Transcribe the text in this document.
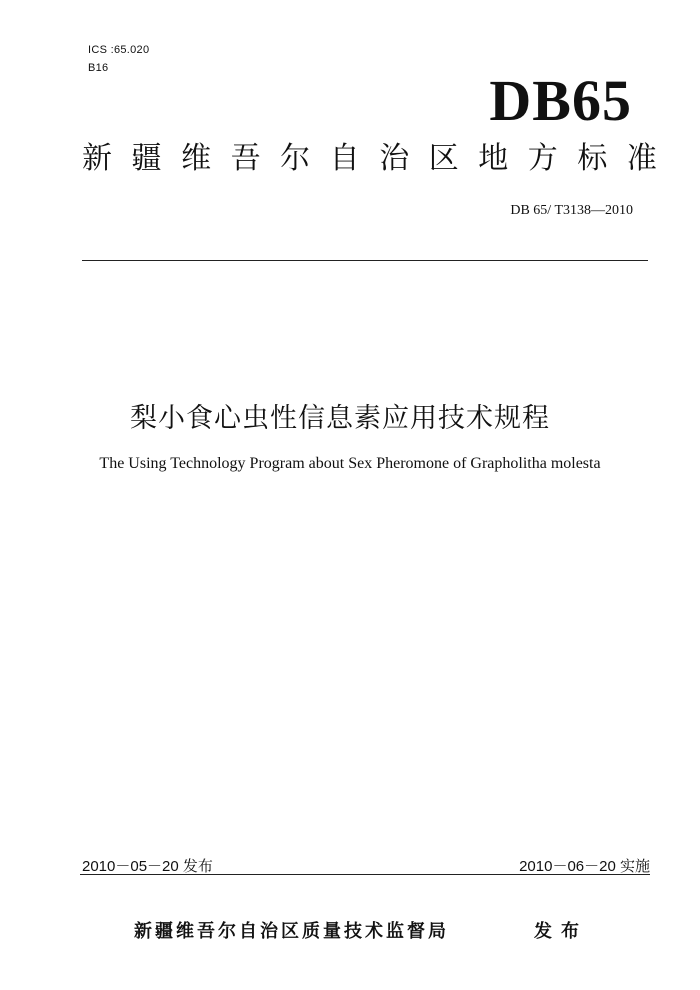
ICS :65.020
B16	DB65
新 疆 维 吾 尔 自 治 区 地 方 标 准
DB 65/ T3138—2010
梨小食心虫性信息素应用技术规程
The Using Technology Program about Sex Pheromone of Grapholitha molesta
2010－05－20 发布	2010－06－20 实施
新疆维吾尔自治区质量技术监督局	发布
